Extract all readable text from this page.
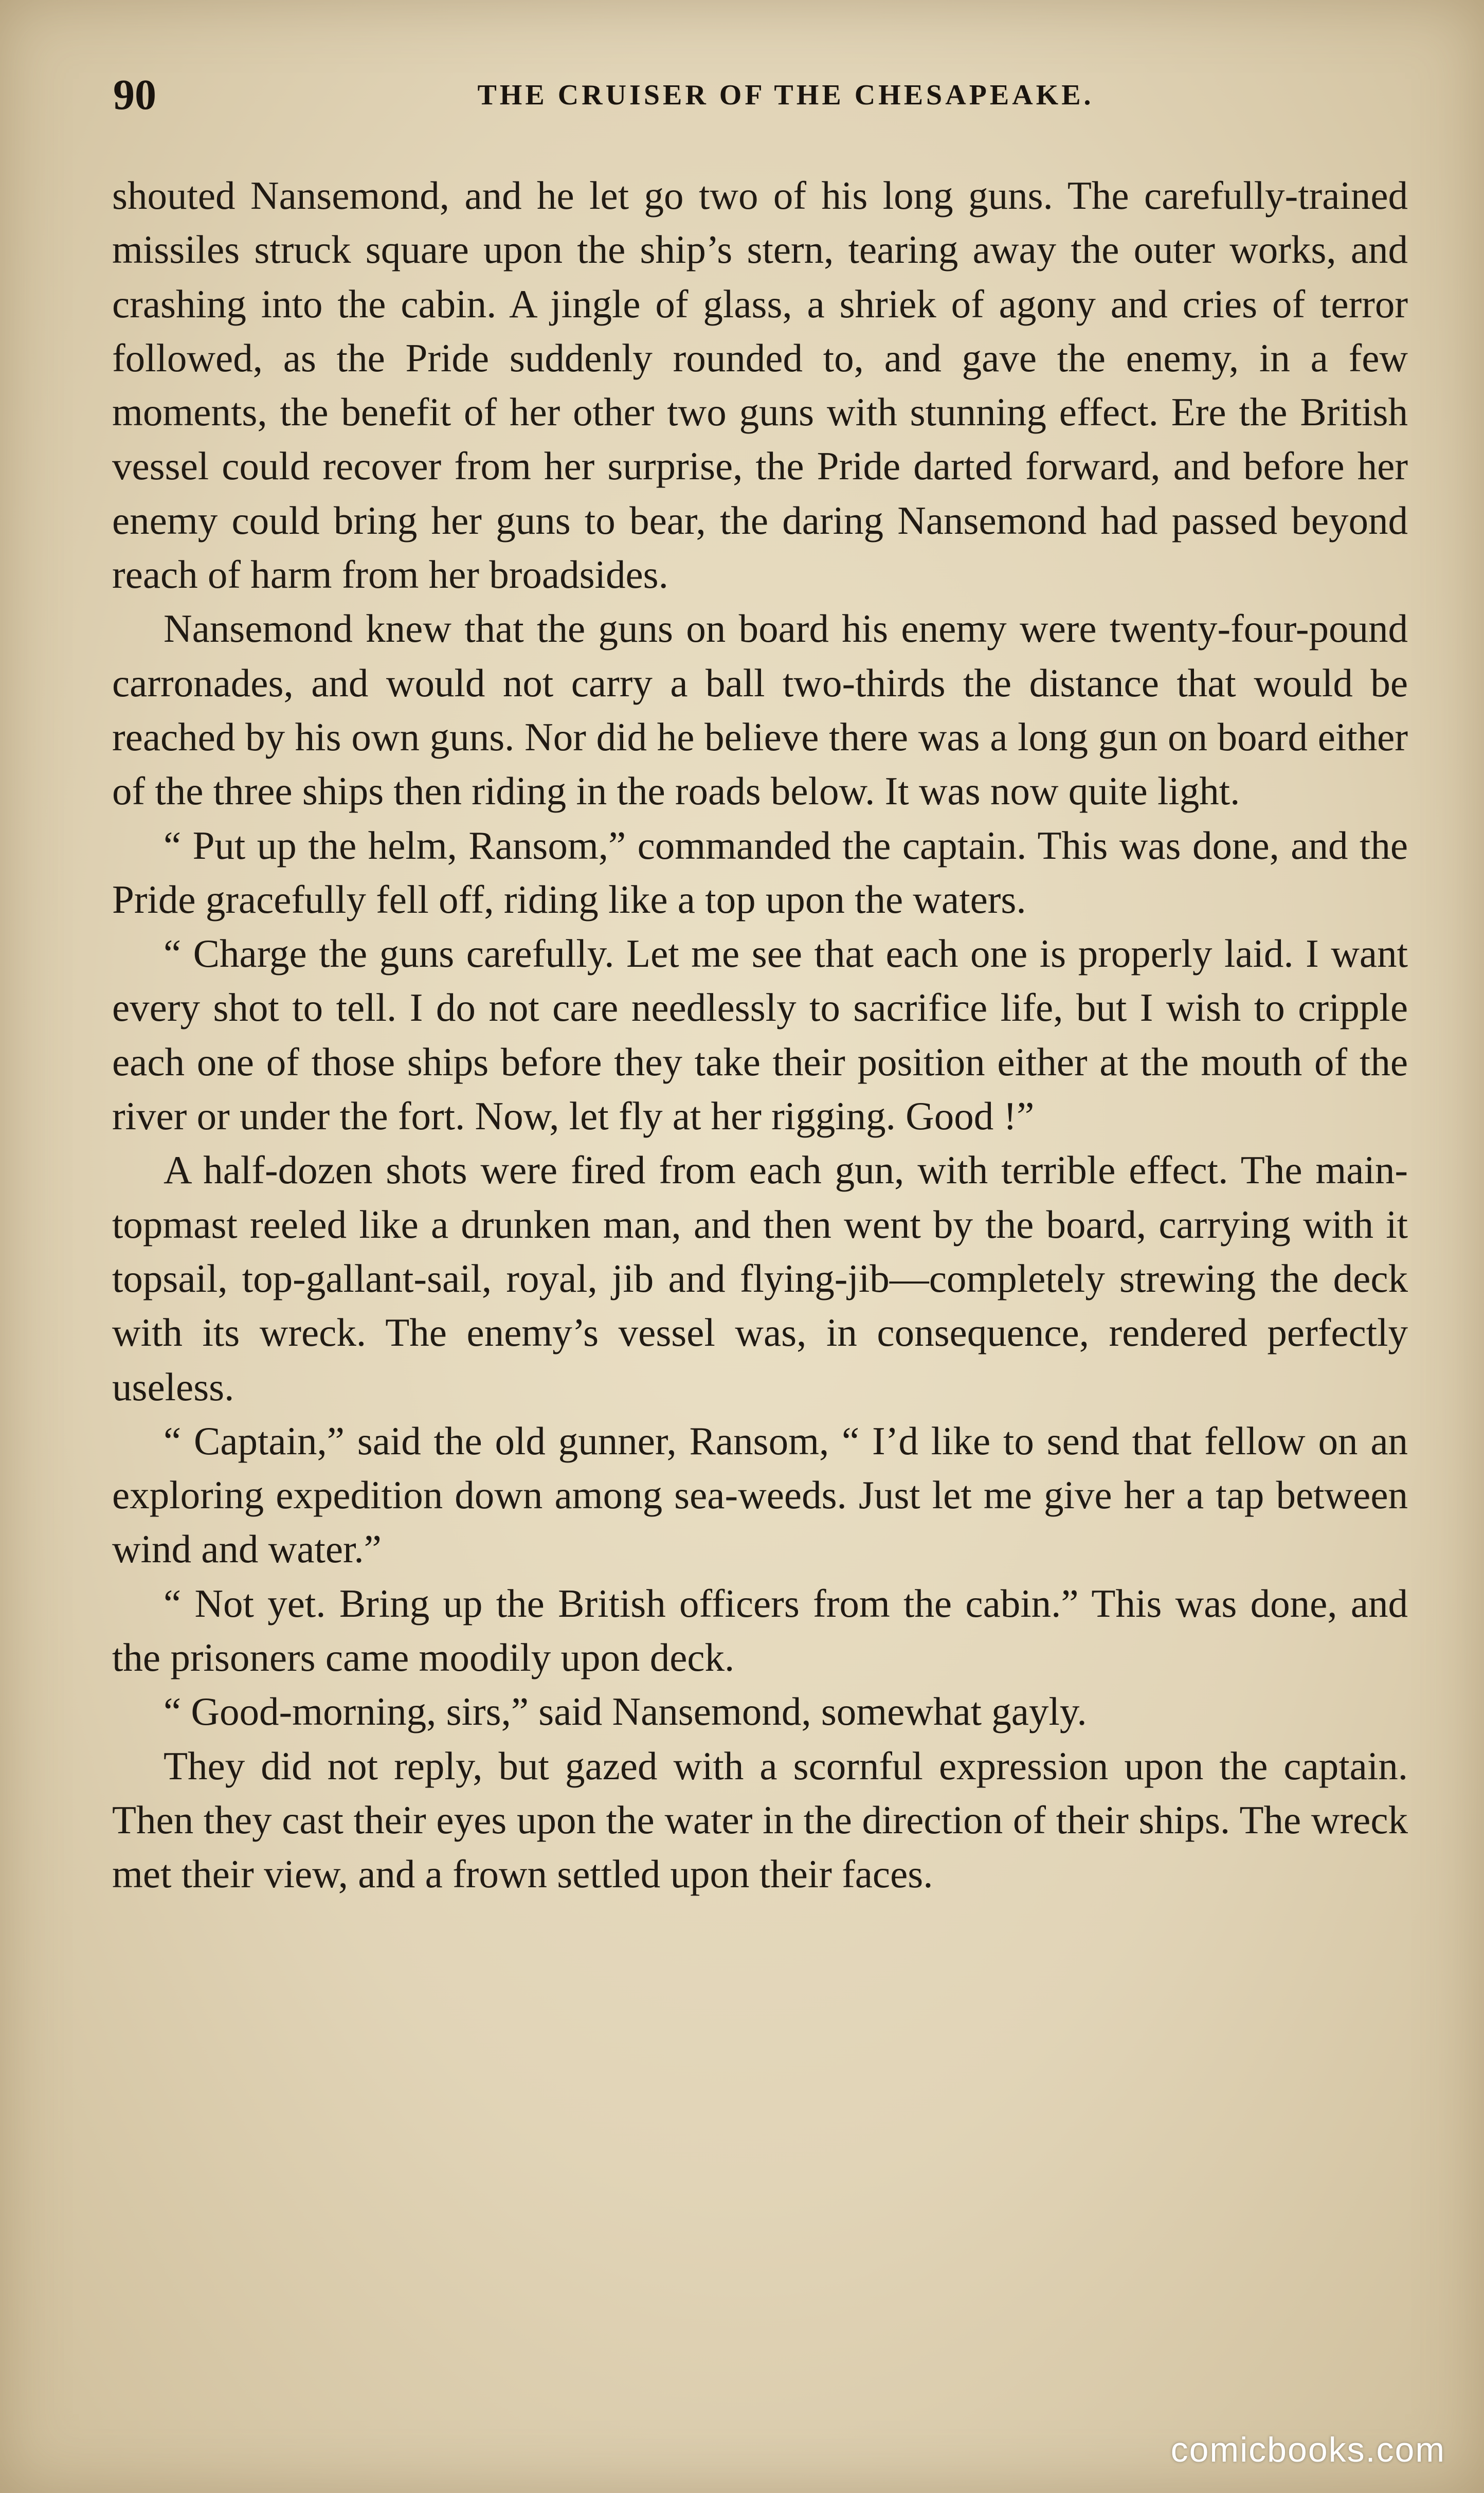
90	THE CRUISER OF THE CHESAPEAKE.

shouted Nansemond, and he let go two of his long guns. The carefully-trained missiles struck square upon the ship’s stern, tearing away the outer works, and crashing into the cabin. A jingle of glass, a shriek of agony and cries of terror followed, as the Pride suddenly rounded to, and gave the enemy, in a few moments, the benefit of her other two guns with stunning effect. Ere the British vessel could recover from her surprise, the Pride darted forward, and before her enemy could bring her guns to bear, the daring Nansemond had passed beyond reach of harm from her broadsides.

Nansemond knew that the guns on board his enemy were twenty-four-pound carronades, and would not carry a ball two-thirds the distance that would be reached by his own guns. Nor did he believe there was a long gun on board either of the three ships then riding in the roads below. It was now quite light.

“ Put up the helm, Ransom,” commanded the captain. This was done, and the Pride gracefully fell off, riding like a top upon the waters.

“ Charge the guns carefully. Let me see that each one is properly laid. I want every shot to tell. I do not care needlessly to sacrifice life, but I wish to cripple each one of those ships before they take their position either at the mouth of the river or under the fort. Now, let fly at her rigging. Good !”

A half-dozen shots were fired from each gun, with terrible effect. The main-topmast reeled like a drunken man, and then went by the board, carrying with it topsail, top-gallant-sail, royal, jib and flying-jib—completely strewing the deck with its wreck. The enemy’s vessel was, in consequence, rendered perfectly useless.

“ Captain,” said the old gunner, Ransom, “ I’d like to send that fellow on an exploring expedition down among sea-weeds. Just let me give her a tap between wind and water.”

“ Not yet. Bring up the British officers from the cabin.” This was done, and the prisoners came moodily upon deck.

“ Good-morning, sirs,” said Nansemond, somewhat gayly.

They did not reply, but gazed with a scornful expression upon the captain. Then they cast their eyes upon the water in the direction of their ships. The wreck met their view, and a frown settled upon their faces.

comicbooks.com
